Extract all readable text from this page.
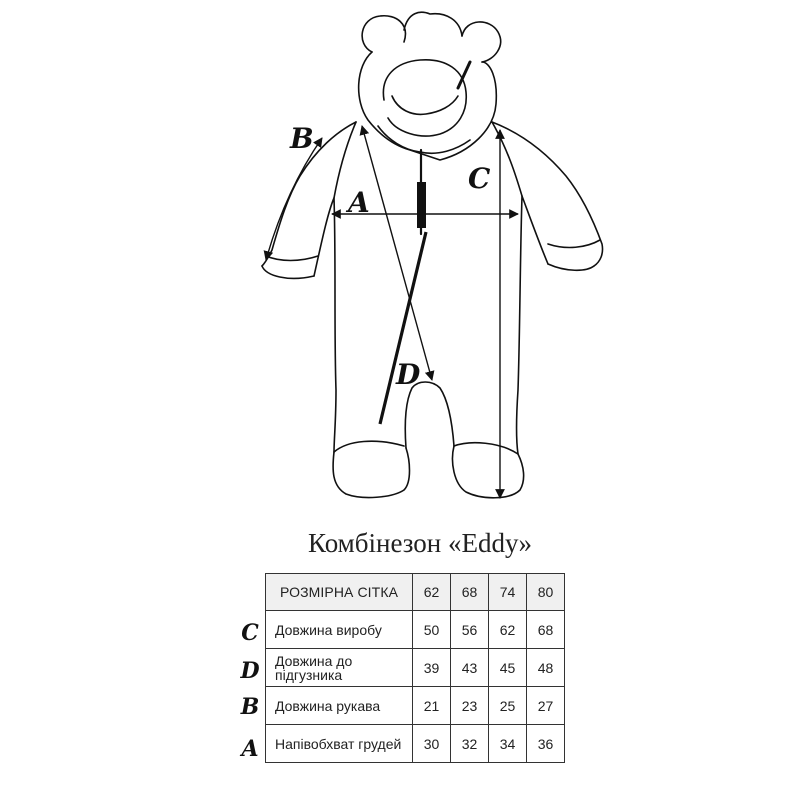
A
B
C
D
Комбінезон «Eddy»
C
D
B
A
РОЗМІРНА СІТКА	62	68	74	80

Довжина виробу	50	56	62	68

Довжина до підгузника	39	43	45	48

Довжина рукава	21	23	25	27

Напівобхват грудей	30	32	34	36
